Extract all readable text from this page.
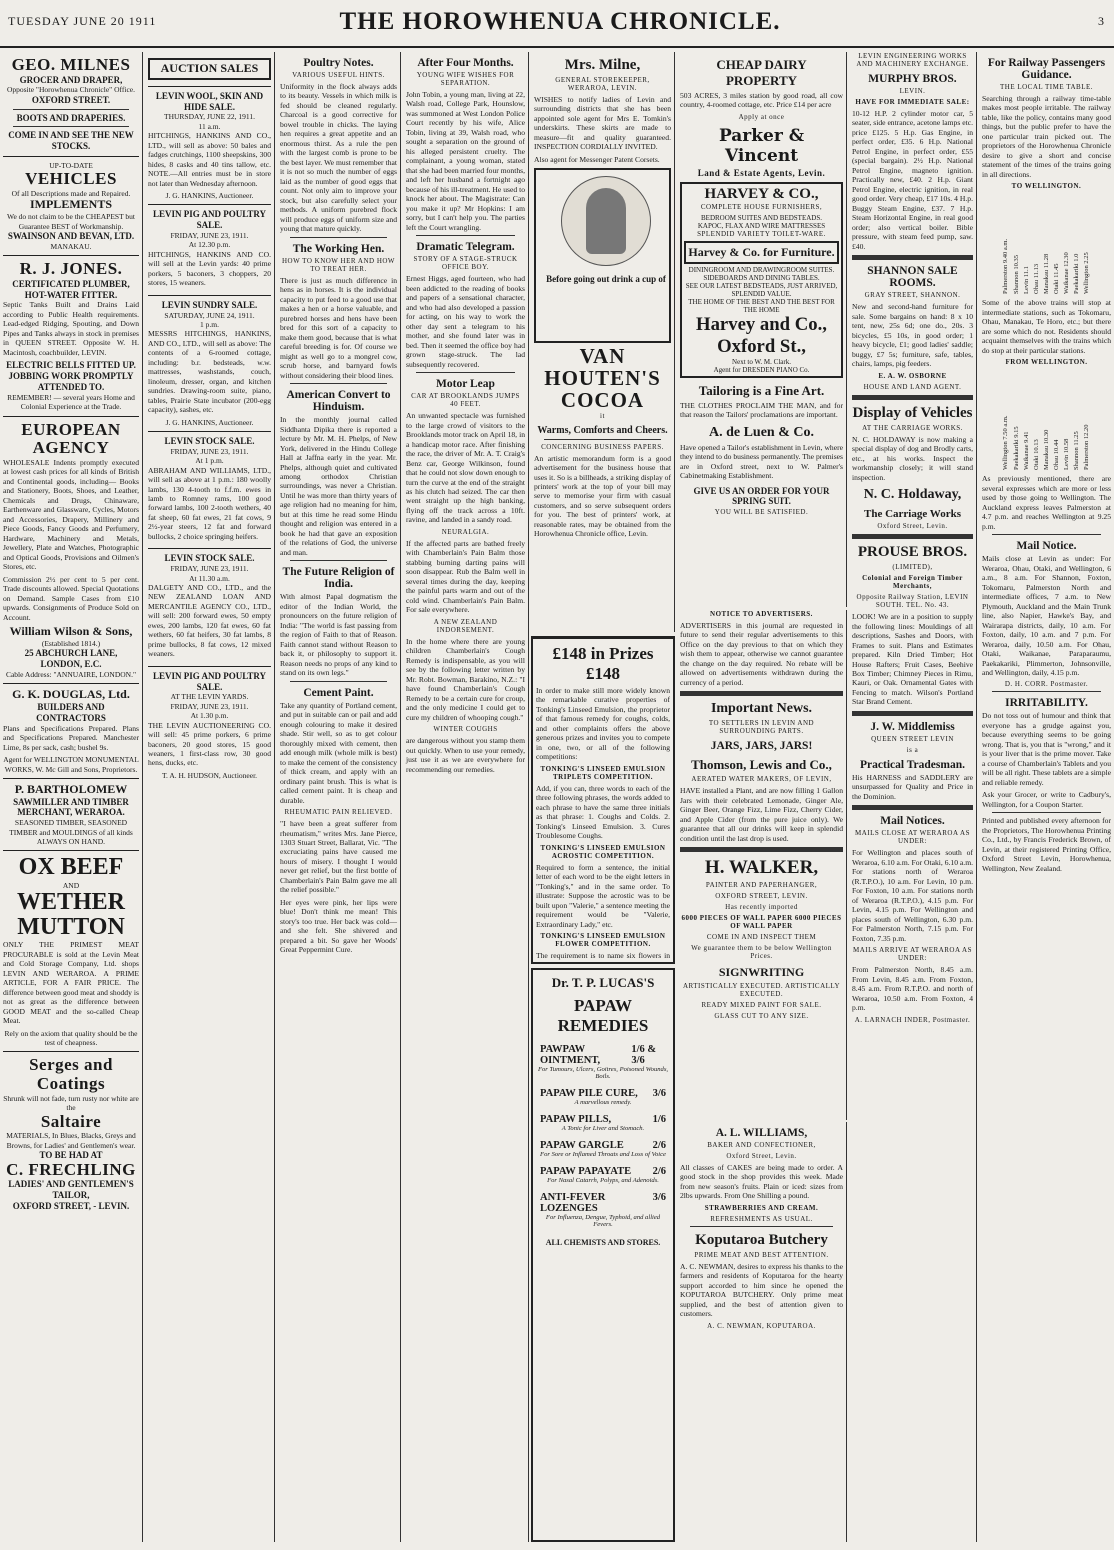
TUESDAY JUNE 20 1911	THE HOROWHENUA CHRONICLE.	3
GEO. MILNES
GROCER AND DRAPER,
Opposite "Horowhenua Chronicle" Office.
OXFORD STREET.
BOOTS AND DRAPERIES.
COME IN AND SEE THE NEW STOCKS.
UP-TO-DATE
VEHICLES
Of all Descriptions made and Repaired.
IMPLEMENTS
We do not claim to be the CHEAPEST but Guarantee BEST of Workmanship.
SWAINSON AND BEVAN, LTD.
MANAKAU.
R. J. JONES.
CERTIFICATED PLUMBER, HOT-WATER FITTER.

Septic Tanks Built and Drains Laid according to Public Health requirements. Lead-edged Ridging, Spouting, and Down Pipes and Tanks always in stock in premises in QUEEN STREET. Opposite W. H. Macintosh, coachbuilder, LEVIN.

ELECTRIC BELLS FITTED UP. JOBBING WORK PROMPTLY ATTENDED TO.
REMEMBER! — several years Home and Colonial Experience at the Trade.
EUROPEAN AGENCY

WHOLESALE Indents promptly executed at lowest cash prices for all kinds of British and Continental goods, including— Books and Stationery, Boots, Shoes, and Leather, Chemicals and Drugs, Chinaware, Earthenware and Glassware, Cycles, Motors and Accessories, Drapery, Millinery and Piece Goods, Fancy Goods and Perfumery, Hardware, Machinery and Metals, Jewellery, Plate and Watches, Photographic and Optical Goods, Provisions and Oilmen's Stores, etc.

Commission 2½ per cent to 5 per cent. Trade discounts allowed. Special Quotations on Demand. Sample Cases from £10 upwards. Consignments of Produce Sold on Account.

William Wilson & Sons,
(Established 1814.)
25 ABCHURCH LANE, LONDON, E.C.
Cable Address: "ANNUAIRE, LONDON."
G. K. DOUGLAS, Ltd.
BUILDERS AND CONTRACTORS

Plans and Specifications Prepared. Plans and Specifications Prepared. Manchester Lime, 8s per sack, cash; bushel 9s.

Agent for WELLINGTON MONUMENTAL WORKS, W. Mc Gill and Sons, Proprietors.
P. BARTHOLOMEW
SAWMILLER AND TIMBER MERCHANT, WERAROA.
SEASONED TIMBER, SEASONED TIMBER and MOULDINGS of all kinds ALWAYS ON HAND.
OX BEEF
AND
WETHER MUTTON

ONLY THE PRIMEST MEAT PROCURABLE is sold at the Levin Meat and Cold Storage Company, Ltd. shops LEVIN AND WERAROA. A PRIME ARTICLE, FOR A FAIR PRICE. The difference between good meat and shoddy is not as great as the difference between GOOD MEAT and the so-called Cheap Meat.

Rely on the axiom that quality should be the test of cheapness.
Serges and
Coatings
Shrunk will not fade, turn rusty nor white are the
Saltaire
MATERIALS, In Blues, Blacks, Greys and Browns, for Ladies' and Gentlemen's wear.
TO BE HAD AT
C. FRECHLING
LADIES' AND GENTLEMEN'S TAILOR,
OXFORD STREET, - LEVIN.
AUCTION SALES
LEVIN WOOL, SKIN AND HIDE SALE.
THURSDAY, JUNE 22, 1911.
11 a.m.

HITCHINGS, HANKINS AND CO., LTD., will sell as above: 50 bales and fadges crutchings, 1100 sheepskins, 300 hides, 8 casks and 40 tins tallow, etc. NOTE.—All entries must be in store not later than Wednesday afternoon.

J. G. HANKINS, Auctioneer.
LEVIN PIG AND POULTRY SALE.
FRIDAY, JUNE 23, 1911.
At 12.30 p.m.

HITCHINGS, HANKINS AND CO. will sell at the Levin yards: 40 prime porkers, 5 baconers, 3 choppers, 20 stores, 15 weaners.

LEVIN SUNDRY SALE.
SATURDAY, JUNE 24, 1911.
1 p.m.

MESSRS HITCHINGS, HANKINS, AND CO., LTD., will sell as above: The contents of a 6-roomed cottage, including: b.r. bedsteads, w.w. mattresses, washstands, couch, linoleum, dresser, organ, and kitchen sundries. Drawing-room suite, piano, tables, Prairie State incubator (200-egg capacity), sashes, etc.

J. G. HANKINS, Auctioneer.
LEVIN STOCK SALE.
FRIDAY, JUNE 23, 1911.
At 1 p.m.

ABRAHAM AND WILLIAMS, LTD., will sell as above at 1 p.m.: 180 woolly lambs, 130 4-tooth to f.f.m. ewes in lamb to Romney rams, 100 good forward lambs, 100 2-tooth wethers, 40 fat sheep, 60 fat ewes, 21 fat cows, 9 2½-year steers, 12 fat and forward bullocks, 2 choice springing heifers.

LEVIN STOCK SALE.
FRIDAY, JUNE 23, 1911.
At 11.30 a.m.

DALGETY AND CO., LTD., and the NEW ZEALAND LOAN AND MERCANTILE AGENCY CO., LTD., will sell: 200 forward ewes, 50 empty ewes, 200 lambs, 120 fat ewes, 60 fat wethers, 60 fat heifers, 30 fat lambs, 8 prime bullocks, 8 fat cows, 12 mixed weaners.

LEVIN PIG AND POULTRY SALE.
AT THE LEVIN YARDS.
FRIDAY, JUNE 23, 1911.
At 1.30 p.m.

THE LEVIN AUCTIONEERING CO. will sell: 45 prime porkers, 6 prime baconers, 20 good stores, 15 good weaners, 1 first-class row, 30 good hens, ducks, etc.

T. A. H. HUDSON, Auctioneer.
Poultry Notes.
VARIOUS USEFUL HINTS.

Uniformity in the flock always adds to its beauty. Vessels in which milk is fed should be cleaned regularly. Charcoal is a good corrective for bowel trouble in chicks. The laying hen requires a great appetite and an enormous thirst. As a rule the pen with the largest comb is prone to be the best layer. We must remember that it is not so much the number of eggs laid as the number of good eggs that count. Not only aim to improve your stock, but also carefully select your methods. A uniform purebred flock will produce eggs of uniform size and young that mature quickly.

The Working Hen.
HOW TO KNOW HER AND HOW TO TREAT HER.

There is just as much difference in hens as in horses. It is the individual capacity to put feed to a good use that makes a hen or a horse valuable, and purebred horses and hens have been bred for this sort of a capacity to make them good, because that is what careful breeding is for. Of course we might as well go to a mongrel cow, scrub horse, and barnyard fowls without considering their blood lines.

American Convert to Hinduism.

In the monthly journal called Siddhanta Dipika there is reported a lecture by Mr. M. H. Phelps, of New York, delivered in the Hindu College Hall at Jaffna early in the year. Mr. Phelps, although quiet and cultivated among orthodox Christian surroundings, was never a Christian. Until he was more than thirty years of age religion had no meaning for him, but at this time he read some Hindu thought and religion was entered in a book he had that gave an exposition of the relations of God, the universe and man.

The Future Religion of India.

With almost Papal dogmatism the editor of the Indian World, the pronouncers on the future religion of India: "The world is fast passing from the region of Faith to that of Reason. Faith cannot stand without Reason to back it, or philosophy to support it. Reason needs no props of any kind to stand on its own legs."

Cement Paint.

Take any quantity of Portland cement, and put in suitable can or pail and add enough colouring to make it desired shade. Stir well, so as to get colour thoroughly mixed with cement, then add enough milk (whole milk is best) to make the cement of the consistency of thick cream, and apply with an ordinary paint brush. This is what is called cement paint. It is cheap and durable.

RHEUMATIC PAIN RELIEVED.

"I have been a great sufferer from rheumatism," writes Mrs. Jane Pierce, 1303 Stuart Street, Ballarat, Vic. "The excruciating pains have caused me hours of misery. I thought I would never get relief, but the first bottle of Chamberlain's Pain Balm gave me all the relief possible."

Her eyes were pink, her lips were blue! Don't think me mean! This story's too true. Her back was cold—and she felt. She shivered and prepared a bit. So gave her Woods' Great Peppermint Cure.

After Four Months.
YOUNG WIFE WISHES FOR SEPARATION.

John Tobin, a young man, living at 22, Walsh road, College Park, Hounslow, was summoned at West London Police Court recently by his wife, Alice Tobin, living at 39, Walsh road, who sought a separation on the ground of his alleged persistent cruelty. The complainant, a young woman, stated that she had been married four months, and left her husband a fortnight ago because of his ill-treatment. He used to knock her about. The Magistrate: Can you make it up? Mr Hopkins: I am sorry, but I can't help you. The parties left the Court wrangling.

Dramatic Telegram.
STORY OF A STAGE-STRUCK OFFICE BOY.

Ernest Higgs, aged fourteen, who had been addicted to the reading of books and papers of a sensational character, and who had also developed a passion for acting, on his way to work the other day sent a telegram to his mother, and she found later was in bed. Then it seemed the office boy had grown stage-struck. The lad subsequently recovered.

Motor Leap
CAR AT BROOKLANDS JUMPS 40 FEET.

An unwanted spectacle was furnished to the large crowd of visitors to the Brooklands motor track on April 18, in a handicap motor race. After finishing the race, the driver of Mr. A. T. Craig's Benz car, George Wilkinson, found that he could not slow down enough to turn the curve at the end of the straight as his clutch had seized. The car then went straight up the high banking, flying off the track across a 10ft. ravine, and landed in a sandy road.

NEURALGIA.

If the affected parts are bathed freely with Chamberlain's Pain Balm those stabbing burning darting pains will soon disappear. Rub the Balm well in several times during the day, keeping the painful parts warm and out of the cold wind. Chamberlain's Pain Balm. For sale everywhere.

A NEW ZEALAND INDORSEMENT.

In the home where there are young children Chamberlain's Cough Remedy is indispensable, as you will see by the following letter written by Mr. Robt. Bowman, Barakino, N.Z.: "I have found Chamberlain's Cough Remedy to be a certain cure for croup, and the only medicine I could get to cure my children of whooping cough."

WINTER COUGHS

are dangerous without you stamp them out quickly. When to use your remedy, just use it as we are everywhere for recommending our remedies.

Mrs. Milne,
GENERAL STOREKEEPER, WERAROA, LEVIN.

WISHES to notify ladies of Levin and surrounding districts that she has been appointed sole agent for Mrs E. Tomkin's underskirts. These skirts are made to measure—fit and quality guaranteed. INSPECTION CORDIALLY INVITED.

Also agent for Messenger Patent Corsets.

Before going out drink a cup of
VAN HOUTEN'S COCOA
it
Warms, Comforts and Cheers.
CONCERNING BUSINESS PAPERS.

An artistic memorandum form is a good advertisement for the business house that uses it. So is a billheads, a striking display of printers' work at the top of your bill may serve to memorise your firm with casual customers, and so serve subsequent orders for you. The best of printers' work, at reasonable rates, may be obtained from the Horowhenua Chronicle office, Levin.

£148 in Prizes £148

In order to make still more widely known the remarkable curative properties of Tonking's Linseed Emulsion, the proprietor of that famous remedy for coughs, colds, and other complaints offers the above generous prizes and invites you to compete in one, two, or all of the following competitions:

TONKING'S LINSEED EMULSION TRIPLETS COMPETITION.

Add, if you can, three words to each of the three following phrases, the words added to each phrase to have the same three initials as that phrase: 1. Coughs and Colds. 2. Tonking's Linseed Emulsion. 3. Cures Troublesome Coughs.

TONKING'S LINSEED EMULSION ACROSTIC COMPETITION.

Required to form a sentence, the initial letter of each word to be the eight letters in "Tonking's," and in the same order. To illustrate: Suppose the acrostic was to be built upon "Valerie," a sentence meeting the requirement would be "Valerie, Extraordinary Lady," etc.

TONKING'S LINSEED EMULSION FLOWER COMPETITION.

The requirement is to name six flowers in

CHEAP DAIRY PROPERTY

503 ACRES, 3 miles station by good road, all cow country, 4-roomed cottage, etc. Price £14 per acre

Apply at once
Parker & Vincent
Land & Estate Agents, Levin.
HARVEY & CO.,
COMPLETE HOUSE FURNISHERS,
BEDROOM SUITES AND BEDSTEADS.
KAPOC, FLAX AND WIRE MATTRESSES
SPLENDID VARIETY TOILET-WARE.
Harvey & Co. for Furniture.
DININGROOM AND DRAWINGROOM SUITES.
SIDEBOARDS AND DINING TABLES.
SEE OUR LATEST BEDSTEADS, JUST ARRIVED, SPLENDID VALUE.
THE HOME OF THE BEST AND THE BEST FOR THE HOME
Harvey and Co., Oxford St.,
Next to W. M. Clark.
Agent for DRESDEN PIANO Co.
Tailoring is a Fine Art.

THE CLOTHES PROCLAIM THE MAN, and for that reason the Tailors' proclamations are important.

A. de Luen & Co.

Have opened a Tailor's establishment in Levin, where they intend to do business permanently. The premises are in Oxford street, next to W. Palmer's Cabinetmaking Establishment.

GIVE US AN ORDER FOR YOUR SPRING SUIT.
YOU WILL BE SATISFIED.
NOTICE TO ADVERTISERS.

ADVERTISERS in this journal are requested in future to send their regular advertisements to this Office on the day previous to that on which they wish them to appear, otherwise we cannot guarantee the change on the day required. No rebate will be allowed on advertisements withdrawn during the currency of a period.

Important News.
TO SETTLERS IN LEVIN AND SURROUNDING PARTS.
JARS, JARS, JARS!
Thomson, Lewis and Co.,
AERATED WATER MAKERS, OF LEVIN,

HAVE installed a Plant, and are now filling 1 Gallon Jars with their celebrated Lemonade, Ginger Ale, Ginger Beer, Orange Fizz, Lime Fizz, Cherry Cider, and Apple Cider (from the pure juice only). We guarantee that all our drinks will keep in splendid condition until the last drop is used.

H. WALKER,
PAINTER AND PAPERHANGER,
OXFORD STREET, LEVIN.
Has recently imported
6000 PIECES OF WALL PAPER 6000 PIECES OF WALL PAPER
COME IN AND INSPECT THEM
We guarantee them to be below Wellington Prices.
SIGNWRITING
ARTISTICALLY EXECUTED. ARTISTICALLY EXECUTED.
READY MIXED PAINT FOR SALE.
GLASS CUT TO ANY SIZE.
A. L. WILLIAMS,
BAKER AND CONFECTIONER,
Oxford Street, Levin.

All classes of CAKES are being made to order. A good stock in the shop provides this week. Made from new season's fruits. Plain or iced: sizes from 2lbs upwards. From One Shilling a pound.

STRAWBERRIES AND CREAM.
REFRESHMENTS AS USUAL.
Koputaroa Butchery
PRIME MEAT AND BEST ATTENTION.

A. C. NEWMAN, desires to express his thanks to the farmers and residents of Koputaroa for the hearty support accorded to him since he opened the KOPUTAROA BUTCHERY. Only prime meat supplied, and the best of attention given to customers.

A. C. NEWMAN, KOPUTAROA.
Dr. T. P. LUCAS'S
PAPAW REMEDIES
PAWPAW OINTMENT,
1/6 & 3/6
For Tumours, Ulcers, Goitres, Poisoned Wounds, Boils.
PAPAW PILE CURE, 3/6
A marvellous remedy.
PAPAW PILLS,	1/6
A Tonic for Liver and Stomach.
PAPAW GARGLE	2/6
For Sore or Inflamed Throats and Loss of Voice
PAPAW PAPAYATE 2/6
For Nasal Catarrh, Polyps, and Adenoids.
ANTI-FEVER LOZENGES
3/6
For Influenza, Dengue, Typhoid, and allied Fevers.
ALL CHEMISTS AND STORES.
LEVIN ENGINEERING WORKS AND MACHINERY EXCHANGE.
MURPHY BROS.
LEVIN.
HAVE FOR IMMEDIATE SALE:

10-12 H.P. 2 cylinder motor car, 5 seater, side entrance, acetone lamps etc. price £125. 5 H.p. Gas Engine, in perfect order, £35. 6 H.p. National Petrol Engine, in perfect order, £55 (special bargain). 2½ H.p. National Petrol Engine, magneto ignition. Practically new, £40. 2 H.p. Giant Petrol Engine, electric ignition, in real good order. Very cheap, £17 10s. 4 H.p. Buggy Steam Engine, £37. 7 H.p. Steam Horizontal Engine, in real good order; also vertical boiler. Bible pressure, with steam feed pump, saw. £40.

SHANNON SALE ROOMS.
GRAY STREET, SHANNON.

New and second-hand furniture for sale. Some bargains on hand: 8 x 10 tent, new, 25s 6d; one do., 20s. 3 bicycles, £5 10s, in good order; 1 heavy bicycle, £1; good ladies' saddle; buggy, £7 5s; furniture, safe, tables, chairs, lamps, pig feeders.

E. A. W. OSBORNE
HOUSE AND LAND AGENT.
Display of Vehicles
AT THE CARRIAGE WORKS.

N. C. HOLDAWAY is now making a special display of dog and Brodly carts, etc., at his works. Inspect the workmanship closely; it will stand inspection.

N. C. Holdaway,
The Carriage Works
Oxford Street, Levin.
PROUSE BROS.
(LIMITED),
Colonial and Foreign Timber Merchants,
Opposite Railway Station, LEVIN SOUTH. TEL. No. 43.

LOOK! We are in a position to supply the following lines: Mouldings of all descriptions, Sashes and Doors, with Frames to suit. Plans and Estimates prepared. Kiln Dried Timber; Hot House Rafters; Fruit Cases, Beehive Box Timber; Chimney Pieces in Rimu, Kauri, or Oak. Ornamental Gates with Fencing to match. Wilson's Portland Star Brand Cement.

J. W. Middlemiss
QUEEN STREET LEVIN
is a
Practical Tradesman.

His HARNESS and SADDLERY are unsurpassed for Quality and Price in the Dominion.

Mail Notices.
MAILS CLOSE AT WERAROA AS UNDER:

For Wellington and places south of Weraroa, 6.10 a.m. For Otaki, 6.10 a.m. For stations north of Weraroa (R.T.P.O.), 10 a.m. For Levin, 10 p.m. For Foxton, 10 a.m. For stations north of Weraroa (R.T.P.O.), 4.15 p.m. For Levin, 4.15 p.m. For Wellington and places south of Wellington, 6.30 p.m. For Palmerston North, 7.15 p.m. For Foxton, 7.35 p.m.

MAILS ARRIVE AT WERAROA AS UNDER:

From Palmerston North, 8.45 a.m. From Levin, 8.45 a.m. From Foxton, 8.45 a.m. From R.T.P.O. and north of Weraroa, 10.50 a.m. From Foxton, 4 p.m.

A. LARNACH INDER, Postmaster.
For Railway Passengers Guidance.
THE LOCAL TIME TABLE.

Searching through a railway time-table makes most people irritable. The railway table, like the policy, contains many good things, but the public prefer to have the one particular train picked out. The proprietors of the Horowhenua Chronicle desire to give a short and concise statement of the times of the trains going in all directions.

TO WELLINGTON.
Palmerston 9.40 a.m. Shannon 10.35 Levin 11.1 Ohau 11.13 Manakau 11.28 Otaki 11.45 Waikanae 12.30 Paekakariki 1.0 Wellington 2.25

Some of the above trains will stop at intermediate stations, such as Tokomaru, Ohau, Manakau, Te Horo, etc.; but there are some which do not. Residents should acquaint themselves with the trains which do stop at their particular stations.

FROM WELLINGTON.
Wellington 7.50 a.m. Paekakariki 9.15 Waikanae 9.41 Otaki 10.13 Manakau 10.30 Ohau 10.44 Levin 10.58 Shannon 11.25 Palmerston 12.20

As previously mentioned, there are several expresses which are more or less used by those going to Wellington. The Auckland express leaves Palmerston at 4.7 p.m. and reaches Wellington at 9.25 p.m.

Mail Notice.

Mails close at Levin as under: For Weraroa, Ohau, Otaki, and Wellington, 6 a.m., 8 a.m. For Shannon, Foxton, Tokomaru, Palmerston North and intermediate offices, 7 a.m. to New Plymouth, Auckland and the Main Trunk line, also Napier, Hawke's Bay, and Wairarapa districts, daily, 10 a.m. For Foxton, daily, 10 a.m. and 7 p.m. For Weraroa, daily, 10.50 a.m. For Ohau, Otaki, Waikanae, Paraparaumu, Paekakariki, Plimmerton, Johnsonville, and Wellington, daily, 4.15 p.m.

D. H. CORR. Postmaster.
IRRITABILITY.

Do not toss out of humour and think that everyone has a grudge against you, because everything seems to be going wrong. That is, you that is "wrong," and it is your liver that is the prime mover. Take a course of Chamberlain's Tablets and you will be all right. These tablets are a simple and reliable remedy.

Ask your Grocer, or write to Cadbury's, Wellington, for a Coupon Starter.

Printed and published every afternoon for the Proprietors, The Horowhenua Printing Co., Ltd., by Francis Frederick Brown, of Levin, at their registered Printing Office, Oxford Street Levin, Horowhenua, Wellington, New Zealand.
